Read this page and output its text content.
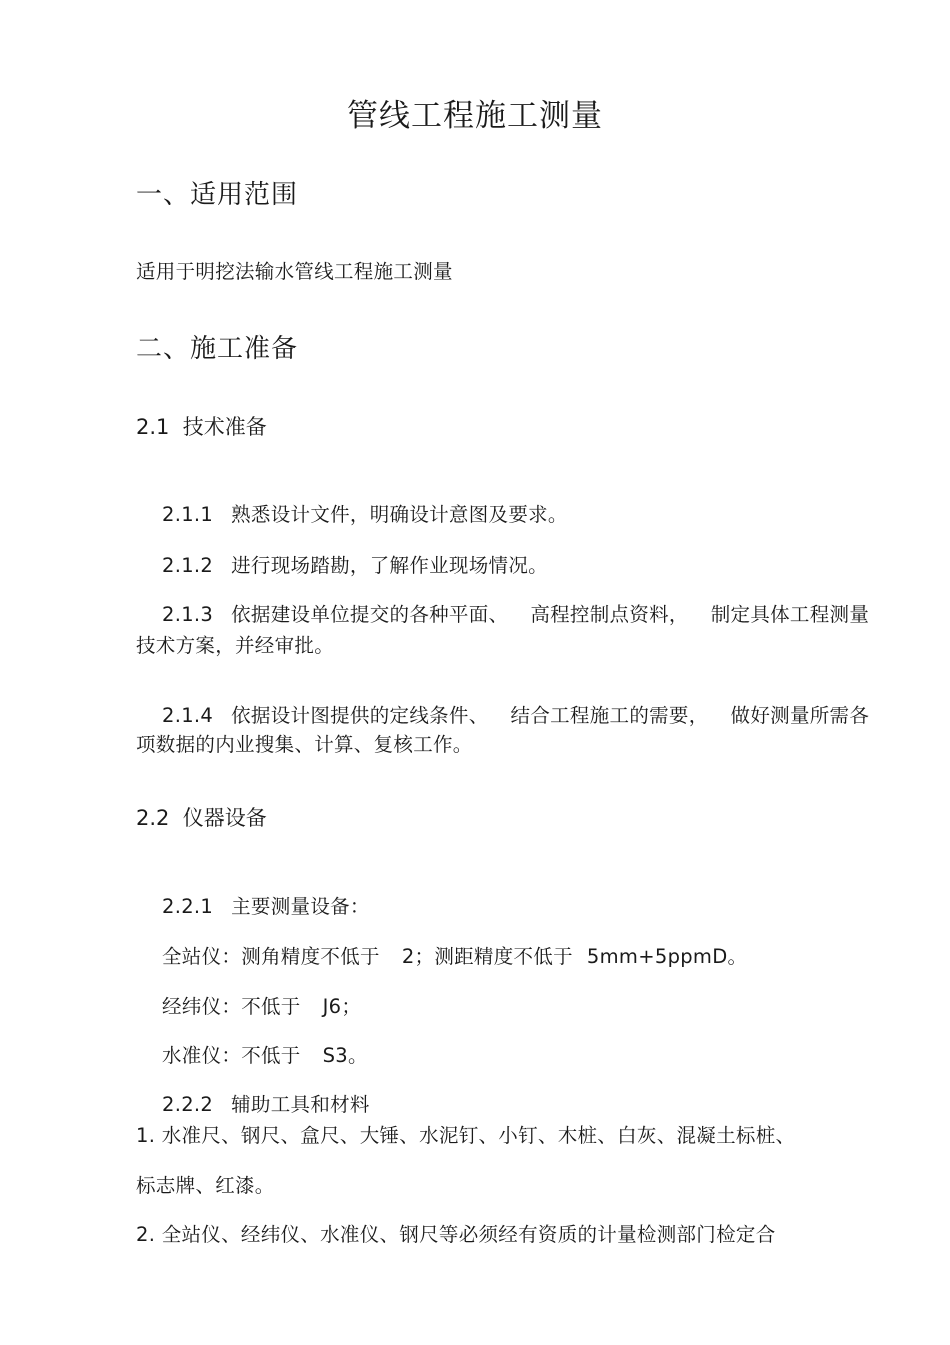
管线工程施工测量
一、适用范围
适用于明挖法输水管线工程施工测量
二、施工准备
2.1  技术准备

2.1.1 熟悉设计文件，明确设计意图及要求。

2.1.2 进行现场踏勘，了解作业现场情况。

2.1.3 依据建设单位提交的各种平面、 高程控制点资料， 制定具体工程测量

技术方案，并经审批。

2.1.4 依据设计图提供的定线条件、 结合工程施工的需要， 做好测量所需各

项数据的内业搜集、计算、复核工作。
2.2  仪器设备

2.2.1 主要测量设备：

全站仪：测角精度不低于 2；测距精度不低于 5mm+5ppmD。

经纬仪：不低于 J6；

水准仪：不低于 S3。

2.2.2 辅助工具和材料

1. 水准尺、钢尺、盒尺、大锤、水泥钉、小钉、木桩、白灰、混凝土标桩、
标志牌、红漆。
2. 全站仪、经纬仪、水准仪、钢尺等必须经有资质的计量检测部门检定合
